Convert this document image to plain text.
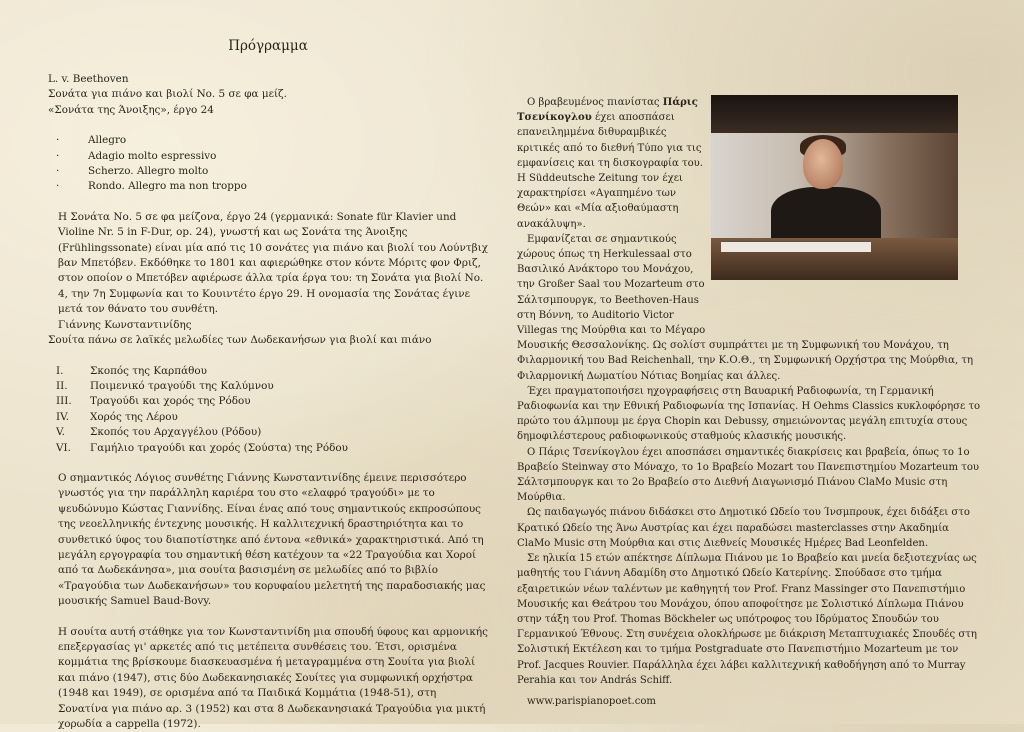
Πρόγραμμα

L. v. Beethoven

Σονάτα για πιάνο και βιολί Νο. 5 σε φα μείζ.

«Σονάτα της Άνοιξης», έργο 24

·	Allegro
·	Adagio molto espressivo
·	Scherzo. Allegro molto
·	Rondo. Allegro ma non troppo

Η Σονάτα Νο. 5 σε φα μείζονα, έργο 24 (γερμανικά: Sonate für Klavier und Violine Nr. 5 in F-Dur, op. 24), γνωστή και ως Σονάτα της Άνοιξης (Frühlingssonate) είναι μία από τις 10 σονάτες για πιάνο και βιολί του Λούντβιχ βαν Μπετόβεν. Εκδόθηκε το 1801 και αφιερώθηκε στον κόντε Μόριτς φον Φριζ, στον οποίον ο Μπετόβεν αφιέρωσε άλλα τρία έργα του: τη Σονάτα για βιολί Νο. 4, την 7η Συμφωνία και το Κουιντέτο έργο 29. Η ονομασία της Σονάτας έγινε μετά τον θάνατο του συνθέτη.

Γιάννης Κωνσταντινίδης

Σουίτα πάνω σε λαϊκές μελωδίες των Δωδεκανήσων για βιολί και πιάνο

I.	Σκοπός της Καρπάθου
II.	Ποιμενικό τραγούδι της Καλύμνου
III.	Τραγούδι και χορός της Ρόδου
IV.	Χορός της Λέρου
V.	Σκοπός του Αρχαγγέλου (Ρόδου)
VI.	Γαμήλιο τραγούδι και χορός (Σούστα) της Ρόδου

Ο σημαντικός Λόγιος συνθέτης Γιάννης Κωνσταντινίδης έμεινε περισσότερο γνωστός για την παράλληλη καριέρα του στο «ελαφρό τραγούδι» με το ψευδώνυμο Κώστας Γιαννίδης. Είναι ένας από τους σημαντικούς εκπροσώπους της νεοελληνικής έντεχνης μουσικής. Η καλλιτεχνική δραστηριότητα και το συνθετικό ύφος του διαποτίστηκε από έντονα «εθνικά» χαρακτηριστικά. Από τη μεγάλη εργογραφία του σημαντική θέση κατέχουν τα «22 Τραγούδια και Χοροί από τα Δωδεκάνησα», μια σουίτα βασισμένη σε μελωδίες από το βιβλίο «Τραγούδια των Δωδεκανήσων» του κορυφαίου μελετητή της παραδοσιακής μας μουσικής Samuel Baud-Bovy.

Η σουίτα αυτή στάθηκε για τον Κωνσταντινίδη μια σπουδή ύφους και αρμονικής επεξεργασίας γι' αρκετές από τις μετέπειτα συνθέσεις του. Έτσι, ορισμένα κομμάτια της βρίσκουμε διασκευασμένα ή μεταγραμμένα στη Σουίτα για βιολί και πιάνο (1947), στις δύο Δωδεκανησιακές Σουίτες για συμφωνική ορχήστρα (1948 και 1949), σε ορισμένα από τα Παιδικά Κομμάτια (1948-51), στη Σονατίνα για πιάνο αρ. 3 (1952) και στα 8 Δωδεκανησιακά Τραγούδια για μικτή χορωδία a cappella (1972).

Ο βραβευμένος πιανίστας Πάρις Τσενίκογλου έχει αποσπάσει επανειλημμένα διθυραμβικές κριτικές από το διεθνή Τύπο για τις εμφανίσεις και τη δισκογραφία του. Η Süddeutsche Zeitung τον έχει χαρακτηρίσει «Αγαπημένο των Θεών» και «Μία αξιοθαύμαστη ανακάλυψη».

Εμφανίζεται σε σημαντικούς χώρους όπως τη Herkulessaal στο Βασιλικό Ανάκτορο του Μονάχου, την Großer Saal του Mozarteum στο Σάλτσμπουργκ, το Beethoven-Haus στη Βόννη, το Auditorio Victor Villegas της Μούρθια και το Μέγαρο Μουσικής Θεσσαλονίκης. Ως σολίστ συμπράττει με τη Συμφωνική του Μονάχου, τη Φιλαρμονική του Bad Reichenhall, την Κ.Ο.Θ., τη Συμφωνική Ορχήστρα της Μούρθια, τη Φιλαρμονική Δωματίου Νότιας Βοημίας και άλλες.

Έχει πραγματοποιήσει ηχογραφήσεις στη Βαυαρική Ραδιοφωνία, τη Γερμανική Ραδιοφωνία και την Εθνική Ραδιοφωνία της Ισπανίας. Η Oehms Classics κυκλοφόρησε το πρώτο του άλμπουμ με έργα Chopin και Debussy, σημειώνοντας μεγάλη επιτυχία στους δημοφιλέστερους ραδιοφωνικούς σταθμούς κλασικής μουσικής.

Ο Πάρις Τσενίκογλου έχει αποσπάσει σημαντικές διακρίσεις και βραβεία, όπως το 1ο Βραβείο Steinway στο Μόναχο, το 1ο Βραβείο Mozart του Πανεπιστημίου Mozarteum του Σάλτσμπουργκ και το 2ο Βραβείο στο Διεθνή Διαγωνισμό Πιάνου ClaMo Music στη Μούρθια.

Ως παιδαγωγός πιάνου διδάσκει στο Δημοτικό Ωδείο του Ίνσμπρουκ, έχει διδάξει στο Κρατικό Ωδείο της Άνω Αυστρίας και έχει παραδώσει masterclasses στην Ακαδημία ClaMo Music στη Μούρθια και στις Διεθνείς Μουσικές Ημέρες Bad Leonfelden.

Σε ηλικία 15 ετών απέκτησε Δίπλωμα Πιάνου με 1ο Βραβείο και μνεία δεξιοτεχνίας ως μαθητής του Γιάννη Αδαμίδη στο Δημοτικό Ωδείο Κατερίνης. Σπούδασε στο τμήμα εξαιρετικών νέων ταλέντων με καθηγητή τον Prof. Franz Massinger στο Πανεπιστήμιο Μουσικής και Θεάτρου του Μονάχου, όπου αποφοίτησε με Σολιστικό Δίπλωμα Πιάνου στην τάξη του Prof. Thomas Böckheler ως υπότροφος του Ιδρύματος Σπουδών του Γερμανικού Έθνους. Στη συνέχεια ολοκλήρωσε με διάκριση Μεταπτυχιακές Σπουδές στη Σολιστική Εκτέλεση και το τμήμα Postgraduate στο Πανεπιστήμιο Mozarteum με τον Prof. Jacques Rouvier. Παράλληλα έχει λάβει καλλιτεχνική καθοδήγηση από το Murray Perahia και τον András Schiff.

www.parispianopoet.com
